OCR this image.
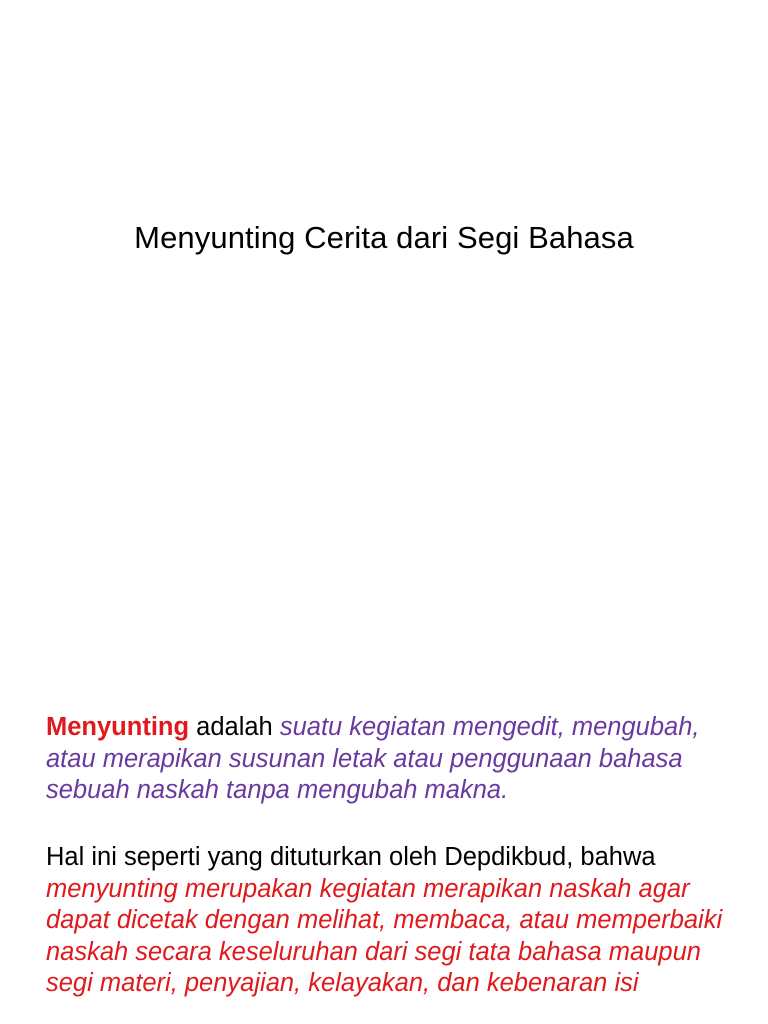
Menyunting Cerita dari Segi Bahasa
Menyunting adalah suatu kegiatan mengedit, mengubah, atau merapikan susunan letak atau penggunaan bahasa sebuah naskah tanpa mengubah makna.
Hal ini seperti yang dituturkan oleh Depdikbud, bahwa menyunting merupakan kegiatan merapikan naskah agar dapat dicetak dengan melihat, membaca, atau memperbaiki naskah secara keseluruhan dari segi tata bahasa maupun segi materi, penyajian, kelayakan, dan kebenaran isi
